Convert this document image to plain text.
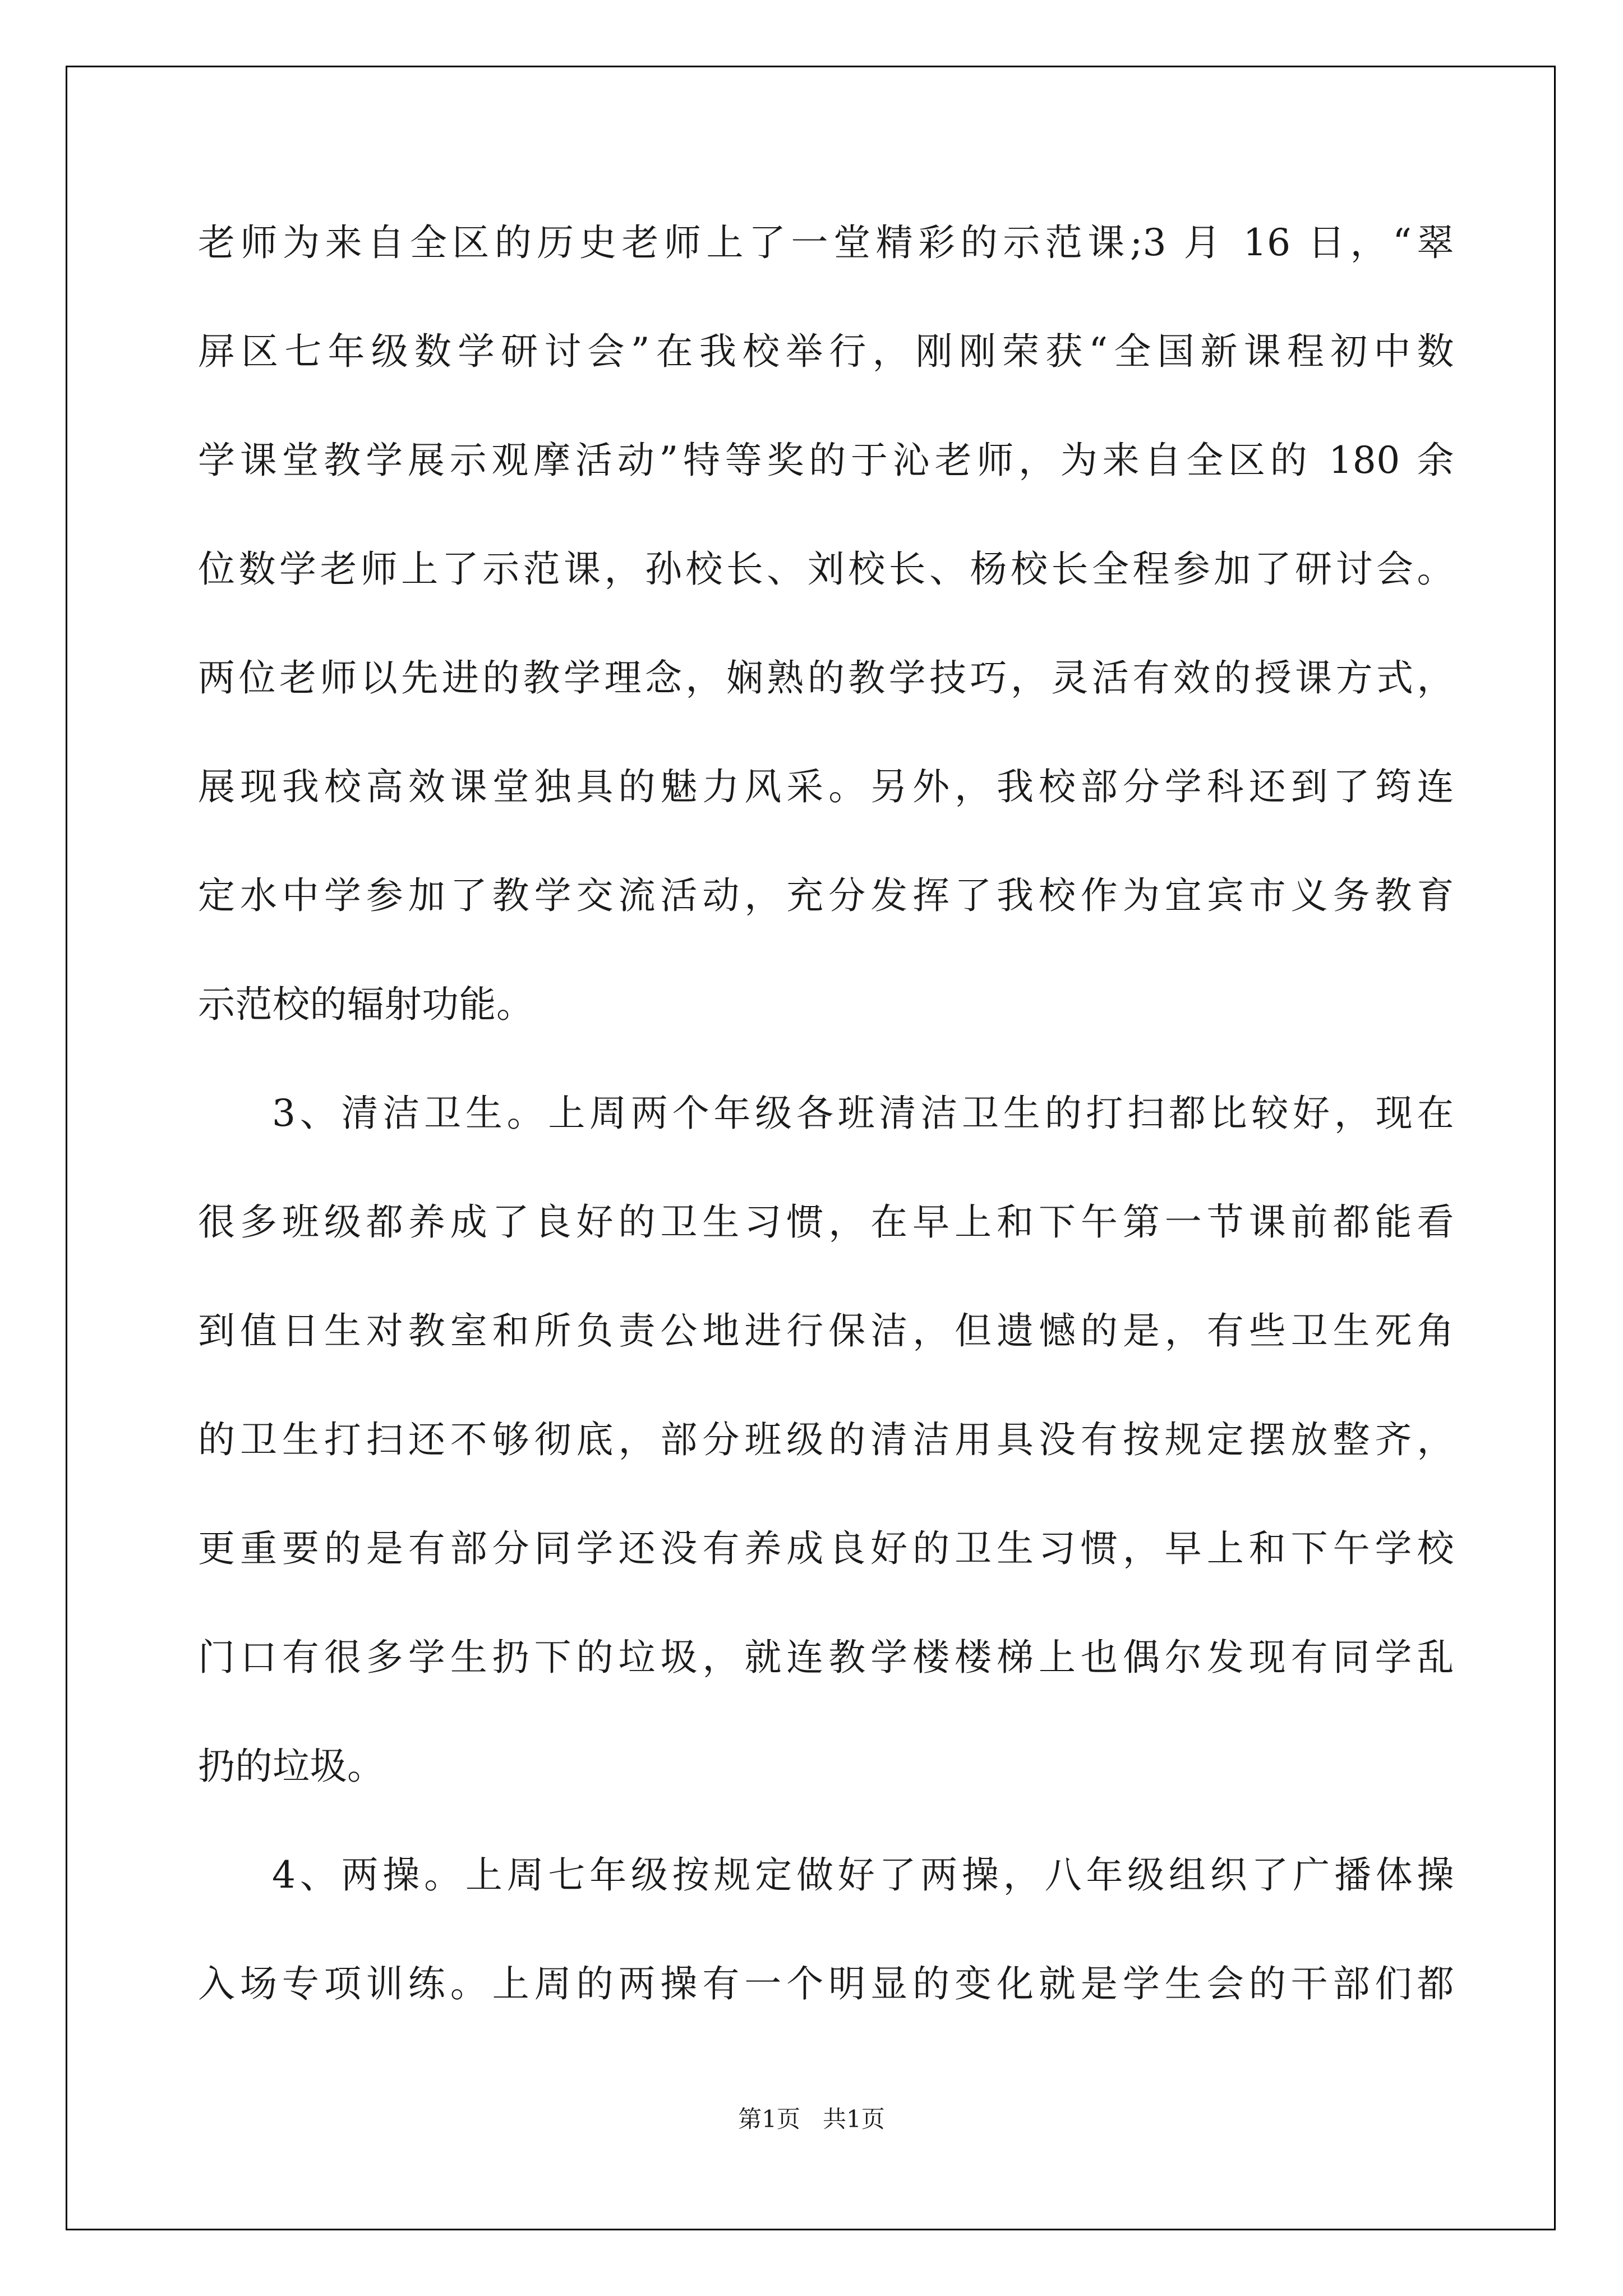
老师为来自全区的历史老师上了一堂精彩的示范课;3 月 16 日，“翠
屏区七年级数学研讨会”在我校举行，刚刚荣获“全国新课程初中数
学课堂教学展示观摩活动”特等奖的于沁老师，为来自全区的 180 余
位数学老师上了示范课，孙校长、刘校长、杨校长全程参加了研讨会。
两位老师以先进的教学理念，娴熟的教学技巧，灵活有效的授课方式，
展现我校高效课堂独具的魅力风采。另外，我校部分学科还到了筠连
定水中学参加了教学交流活动，充分发挥了我校作为宜宾市义务教育
示范校的辐射功能。
3、清洁卫生。上周两个年级各班清洁卫生的打扫都比较好，现在
很多班级都养成了良好的卫生习惯，在早上和下午第一节课前都能看
到值日生对教室和所负责公地进行保洁，但遗憾的是，有些卫生死角
的卫生打扫还不够彻底，部分班级的清洁用具没有按规定摆放整齐，
更重要的是有部分同学还没有养成良好的卫生习惯，早上和下午学校
门口有很多学生扔下的垃圾，就连教学楼楼梯上也偶尔发现有同学乱
扔的垃圾。
4、两操。上周七年级按规定做好了两操，八年级组织了广播体操
入场专项训练。上周的两操有一个明显的变化就是学生会的干部们都
第1页   共1页
